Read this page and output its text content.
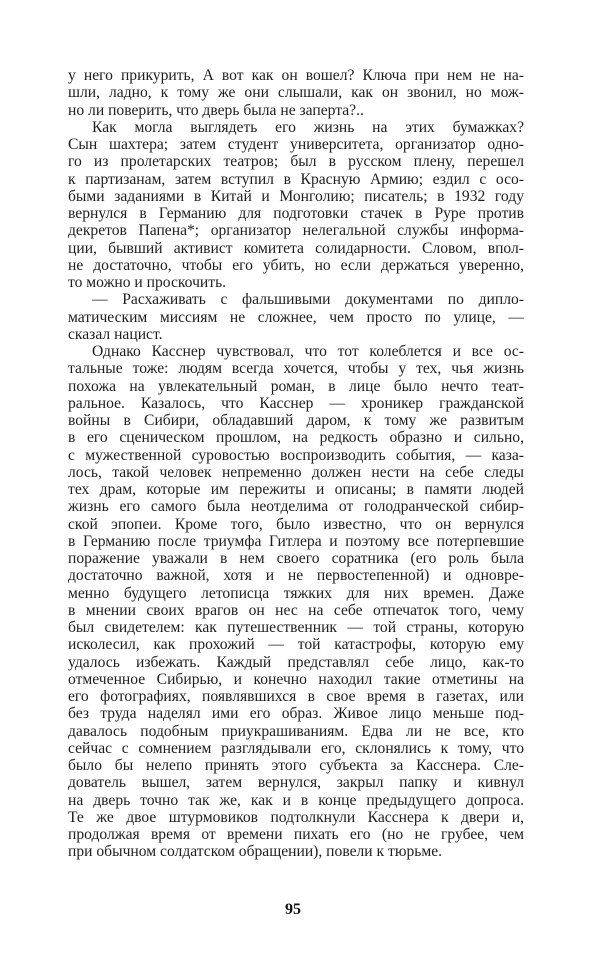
у него прикурить, А вот как он вошел? Ключа при нем не на-
шли, ладно, к тому же они слышали, как он звонил, но мож-
но ли поверить, что дверь была не заперта?..
Как могла выглядеть его жизнь на этих бумажках?
Сын шахтера; затем студент университета, организатор одно-
го из пролетарских театров; был в русском плену, перешел
к партизанам, затем вступил в Красную Армию; ездил с осо-
быми заданиями в Китай и Монголию; писатель; в 1932 году
вернулся в Германию для подготовки стачек в Руре против
декретов Папена*; организатор нелегальной службы информа-
ции, бывший активист комитета солидарности. Словом, впол-
не достаточно, чтобы его убить, но если держаться уверенно,
то можно и проскочить.
— Расхаживать с фальшивыми документами по дипло-
матическим миссиям не сложнее, чем просто по улице, —
сказал нацист.
Однако Касснер чувствовал, что тот колеблется и все ос-
тальные тоже: людям всегда хочется, чтобы у тех, чья жизнь
похожа на увлекательный роман, в лице было нечто теат-
ральное. Казалось, что Касснер — хроникер гражданской
войны в Сибири, обладавший даром, к тому же развитым
в его сценическом прошлом, на редкость образно и сильно,
с мужественной суровостью воспроизводить события, — каза-
лось, такой человек непременно должен нести на себе следы
тех драм, которые им пережиты и описаны; в памяти людей
жизнь его самого была неотделима от голодранческой сибир-
ской эпопеи. Кроме того, было известно, что он вернулся
в Германию после триумфа Гитлера и поэтому все потерпевшие
поражение уважали в нем своего соратника (его роль была
достаточно важной, хотя и не первостепенной) и одновре-
менно будущего летописца тяжких для них времен. Даже
в мнении своих врагов он нес на себе отпечаток того, чему
был свидетелем: как путешественник — той страны, которую
исколесил, как прохожий — той катастрофы, которую ему
удалось избежать. Каждый представлял себе лицо, как-то
отмеченное Сибирью, и конечно находил такие отметины на
его фотографиях, появлявшихся в свое время в газетах, или
без труда наделял ими его образ. Живое лицо меньше под-
давалось подобным приукрашиваниям. Едва ли не все, кто
сейчас с сомнением разглядывали его, склонялись к тому, что
было бы нелепо принять этого субъекта за Касснера. Сле-
дователь вышел, затем вернулся, закрыл папку и кивнул
на дверь точно так же, как и в конце предыдущего допроса.
Те же двое штурмовиков подтолкнули Касснера к двери и,
продолжая время от времени пихать его (но не грубее, чем
при обычном солдатском обращении), повели к тюрьме.
95
